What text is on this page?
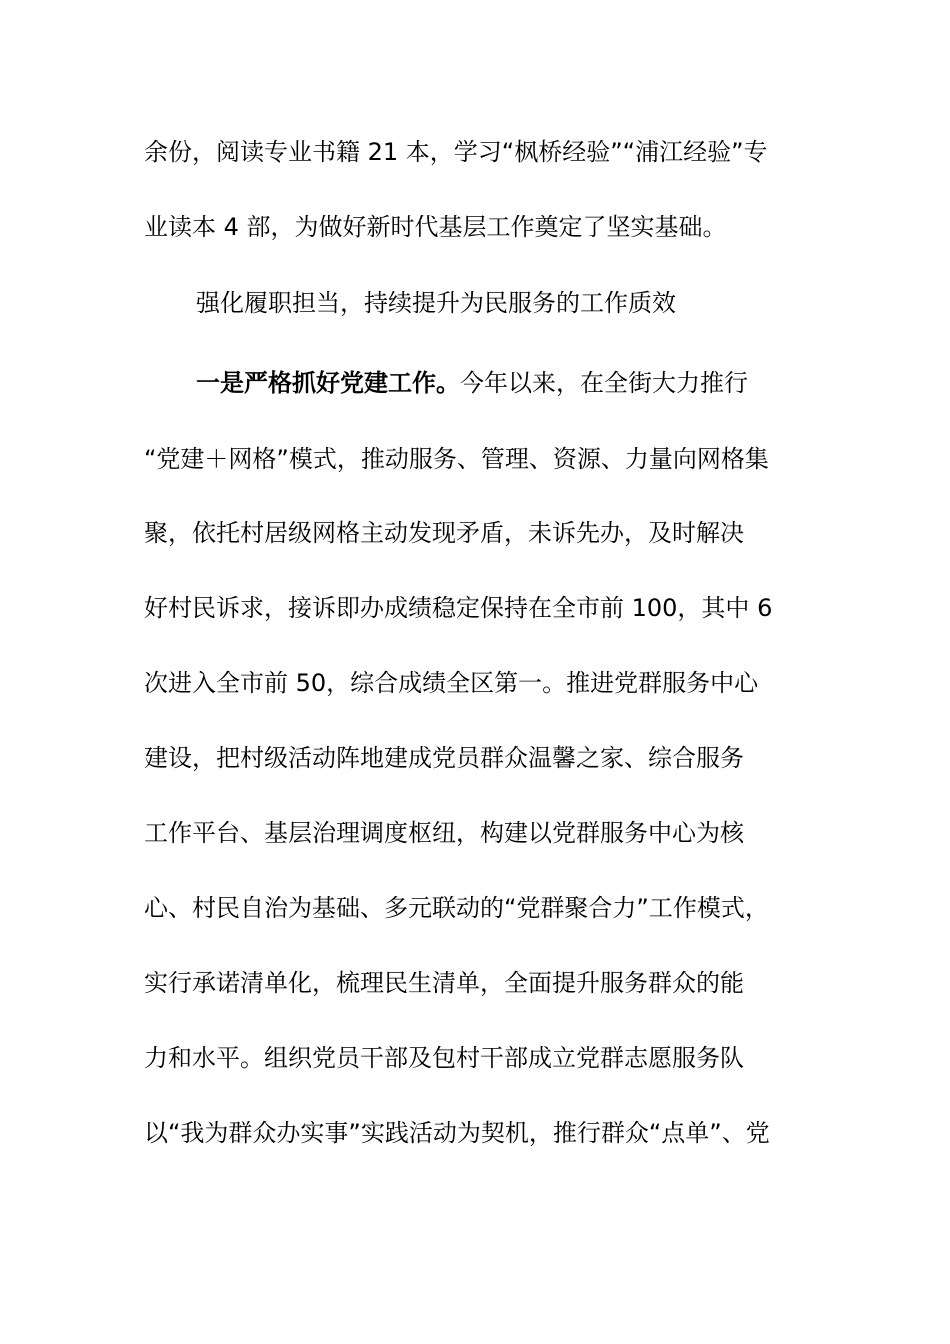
余份，阅读专业书籍 21 本，学习“枫桥经验”“浦江经验”专
业读本 4 部，为做好新时代基层工作奠定了坚实基础。
强化履职担当，持续提升为民服务的工作质效
一是严格抓好党建工作。今年以来，在全街大力推行
“党建＋网格”模式，推动服务、管理、资源、力量向网格集
聚，依托村居级网格主动发现矛盾，未诉先办，及时解决
好村民诉求，接诉即办成绩稳定保持在全市前 100，其中 6
次进入全市前 50，综合成绩全区第一。推进党群服务中心
建设，把村级活动阵地建成党员群众温馨之家、综合服务
工作平台、基层治理调度枢纽，构建以党群服务中心为核
心、村民自治为基础、多元联动的“党群聚合力”工作模式，
实行承诺清单化，梳理民生清单，全面提升服务群众的能
力和水平。组织党员干部及包村干部成立党群志愿服务队
以“我为群众办实事”实践活动为契机，推行群众“点单”、党
